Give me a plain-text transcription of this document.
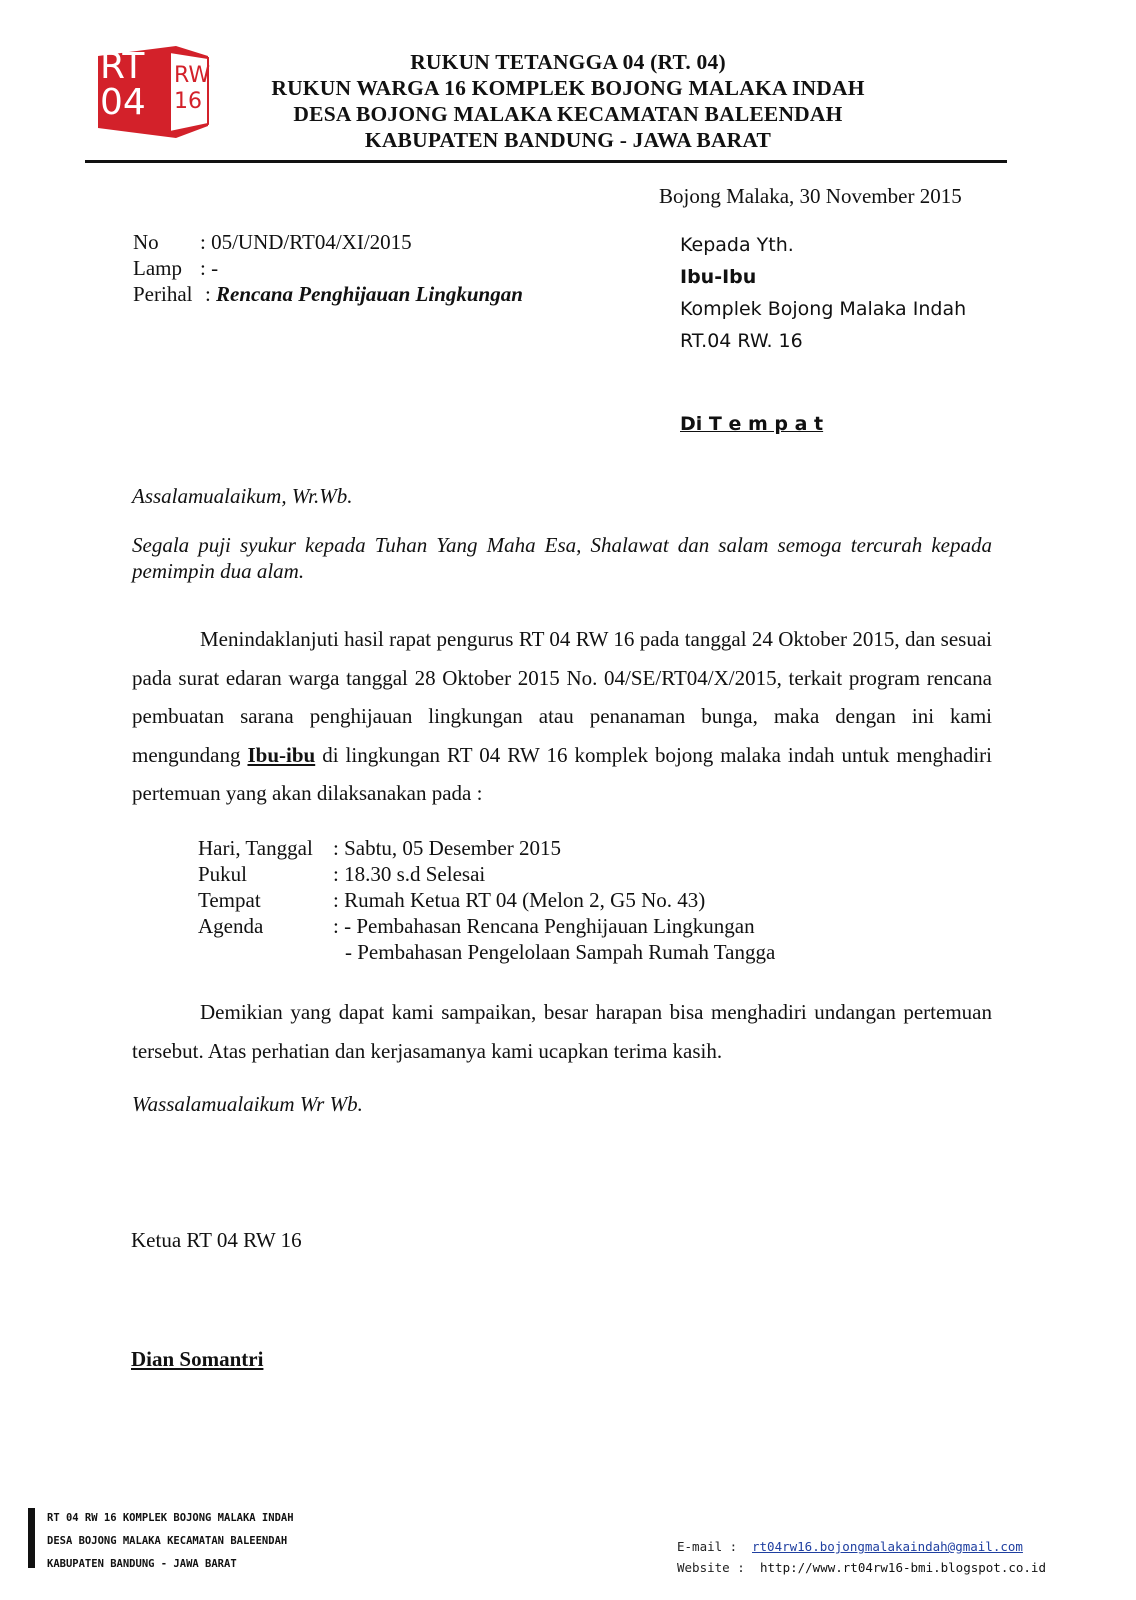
RT
04
RW
16
RUKUN TETANGGA 04 (RT. 04)
RUKUN WARGA 16 KOMPLEK BOJONG MALAKA INDAH
DESA BOJONG MALAKA KECAMATAN BALEENDAH
KABUPATEN BANDUNG - JAWA BARAT
Bojong Malaka, 30 November 2015
No : 05/UND/RT04/XI/2015
Lamp : -
Perihal : Rencana Penghijauan Lingkungan
Kepada Yth.
Ibu-Ibu
Komplek Bojong Malaka Indah
RT.04 RW. 16
Di T e m p a t
Assalamualaikum, Wr.Wb.
Segala puji syukur kepada Tuhan Yang Maha Esa, Shalawat dan salam semoga tercurah kepada pemimpin dua alam.
Menindaklanjuti hasil rapat pengurus RT 04 RW 16 pada tanggal 24 Oktober 2015, dan sesuai pada surat edaran warga tanggal 28 Oktober 2015 No. 04/SE/RT04/X/2015, terkait program rencana pembuatan sarana penghijauan lingkungan atau penanaman bunga, maka dengan ini kami mengundang Ibu-ibu di lingkungan RT 04 RW 16 komplek bojong malaka indah untuk menghadiri pertemuan yang akan dilaksanakan pada :
Hari, Tanggal : Sabtu, 05 Desember 2015
Pukul	: 18.30 s.d Selesai
Tempat	: Rumah Ketua RT 04 (Melon 2, G5 No. 43)
Agenda	: - Pembahasan Rencana Penghijauan Lingkungan
- Pembahasan Pengelolaan Sampah Rumah Tangga
Demikian yang dapat kami sampaikan, besar harapan bisa menghadiri undangan pertemuan tersebut. Atas perhatian dan kerjasamanya kami ucapkan terima kasih.
Wassalamualaikum Wr Wb.
Ketua RT 04 RW 16
Dian Somantri
RT 04 RW 16 KOMPLEK BOJONG MALAKA INDAH
DESA BOJONG MALAKA KECAMATAN BALEENDAH
KABUPATEN BANDUNG - JAWA BARAT
E-mail : rt04rw16.bojongmalakaindah@gmail.com
Website : http://www.rt04rw16-bmi.blogspot.co.id
